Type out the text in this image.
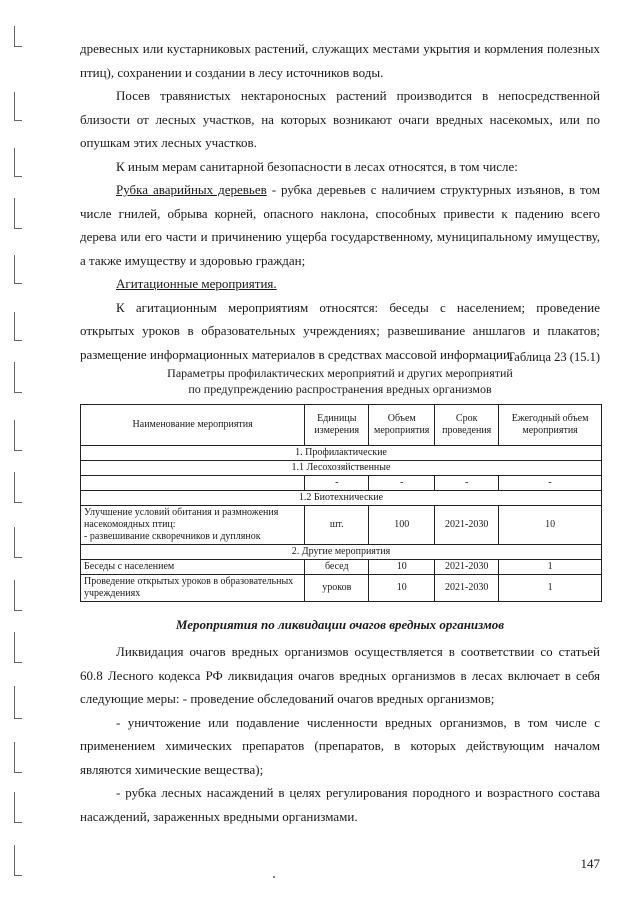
древесных или кустарниковых растений, служащих местами укрытия и кормления полезных птиц), сохранении и создании в лесу источников воды.

Посев травянистых нектароносных растений производится в непосредственной близости от лесных участков, на которых возникают очаги вредных насекомых, или по опушкам этих лесных участков.

К иным мерам санитарной безопасности в лесах относятся, в том числе:

Рубка аварийных деревьев - рубка деревьев с наличием структурных изъянов, в том числе гнилей, обрыва корней, опасного наклона, способных привести к падению всего дерева или его части и причинению ущерба государственному, муниципальному имуществу, а также имуществу и здоровью граждан;

Агитационные мероприятия.

К агитационным мероприятиям относятся: беседы с населением; проведение открытых уроков в образовательных учреждениях; развешивание аншлагов и плакатов; размещение информационных материалов в средствах массовой информации.

Таблица 23 (15.1)
Параметры профилактических мероприятий и других мероприятий
по предупреждению распространения вредных организмов
Наименование мероприятия	Единицы измерения	Объем мероприятия	Срок проведения	Ежегодный объем мероприятия
1. Профилактические				
1.1 Лесохозяйственные				
	-	-	-	-
1.2 Биотехнические				
Улучшение условий обитания и размножения насекомоядных птиц:
- развешивание скворечников и дуплянок	шт.	100	2021-2030	10
2. Другие мероприятия				
Беседы с населением	бесед	10	2021-2030	1
Проведение открытых уроков в образовательных учреждениях	уроков	10	2021-2030	1
Мероприятия по ликвидации очагов вредных организмов

Ликвидация очагов вредных организмов осуществляется в соответствии со статьей 60.8 Лесного кодекса РФ ликвидация очагов вредных организмов в лесах включает в себя следующие меры: - проведение обследований очагов вредных организмов;

- уничтожение или подавление численности вредных организмов, в том числе с применением химических препаратов (препаратов, в которых действующим началом являются химические вещества);

- рубка лесных насаждений в целях регулирования породного и возрастного состава насаждений, зараженных вредными организмами.

147
